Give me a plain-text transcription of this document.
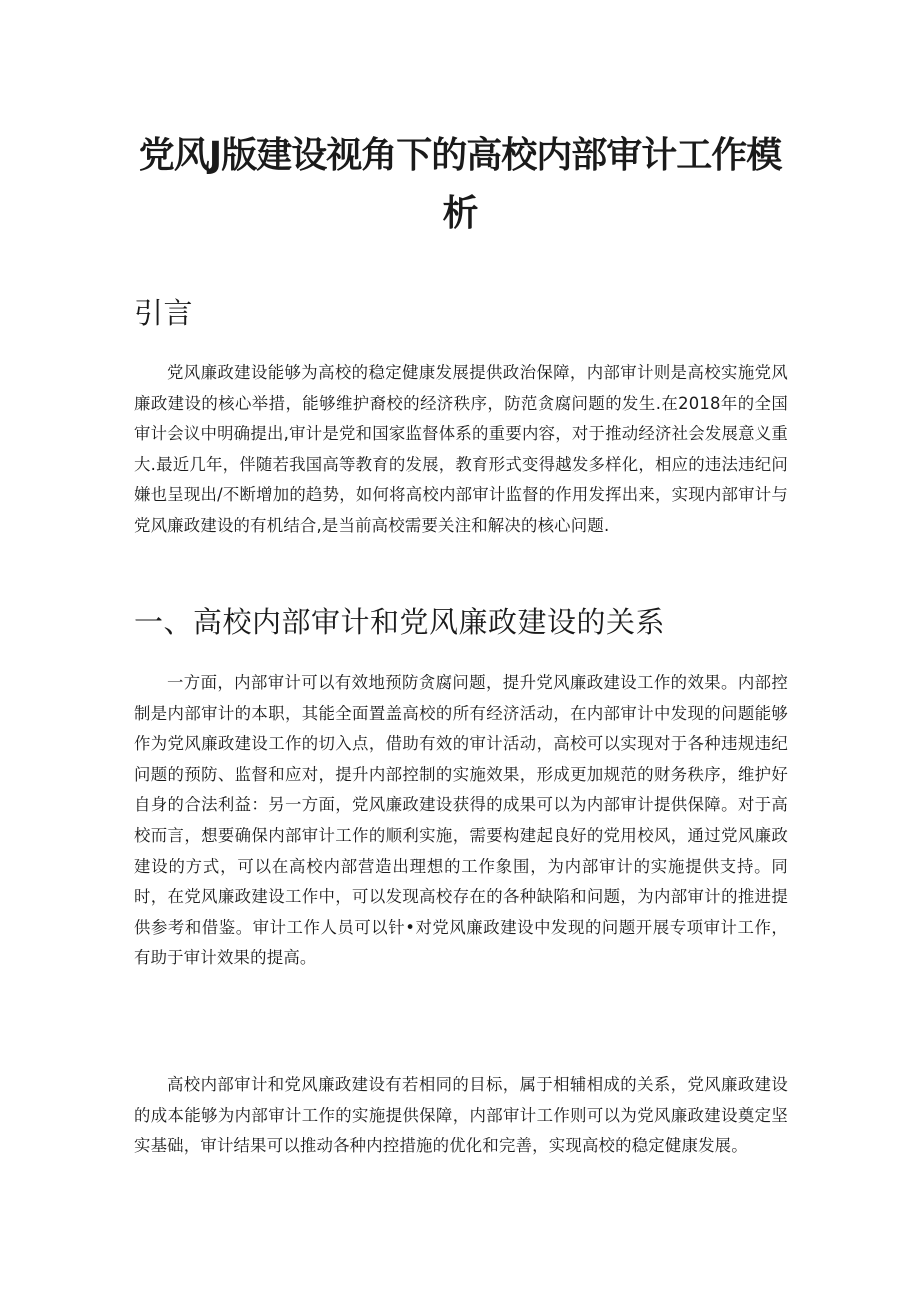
党风J版建设视角下的高校内部审计工作模
析
引言

党风廉政建设能够为高校的稳定健康发展提供政治保障，内部审计则是高校实施党风廉政建设的核心举措，能够维护裔校的经济秩序，防范贪腐问题的发生.在2018年的全国审计会议中明确提出,审计是党和国家监督体系的重要内容，对于推动经济社会发展意义重大.最近几年，伴随若我国高等教育的发展，教育形式变得越发多样化，相应的违法违纪问嫌也呈现出/不断增加的趋势，如何将高校内部审计监督的作用发挥出来，实现内部审计与党风廉政建设的有机结合,是当前高校需要关注和解决的核心问题.

一、高校内部审计和党风廉政建设的关系

一方面，内部审计可以有效地预防贪腐问题，提升党风廉政建设工作的效果。内部控制是内部审计的本职，其能全面置盖高校的所有经济活动，在内部审计中发现的问题能够作为党风廉政建设工作的切入点，借助有效的审计活动，高校可以实现对于各种违规违纪问题的预防、监督和应对，提升内部控制的实施效果，形成更加规范的财务秩序，维护好自身的合法利益：另一方面，党风廉政建设获得的成果可以为内部审计提供保障。对于高校而言，想要确保内部审计工作的顺利实施，需要构建起良好的党用校风，通过党风廉政建设的方式，可以在高校内部营造出理想的工作象围，为内部审计的实施提供支持。同时，在党风廉政建设工作中，可以发现高校存在的各种缺陷和问题，为内部审计的推进提供参考和借鉴。审计工作人员可以针•对党风廉政建设中发现的问题开展专项审计工作，有助于审计效果的提高。

高校内部审计和党风廉政建设有若相同的目标，属于相辅相成的关系，党风廉政建设的成本能够为内部审计工作的实施提供保障，内部审计工作则可以为党风廉政建设奠定坚实基础，审计结果可以推动各种内控措施的优化和完善，实现高校的稳定健康发展。
